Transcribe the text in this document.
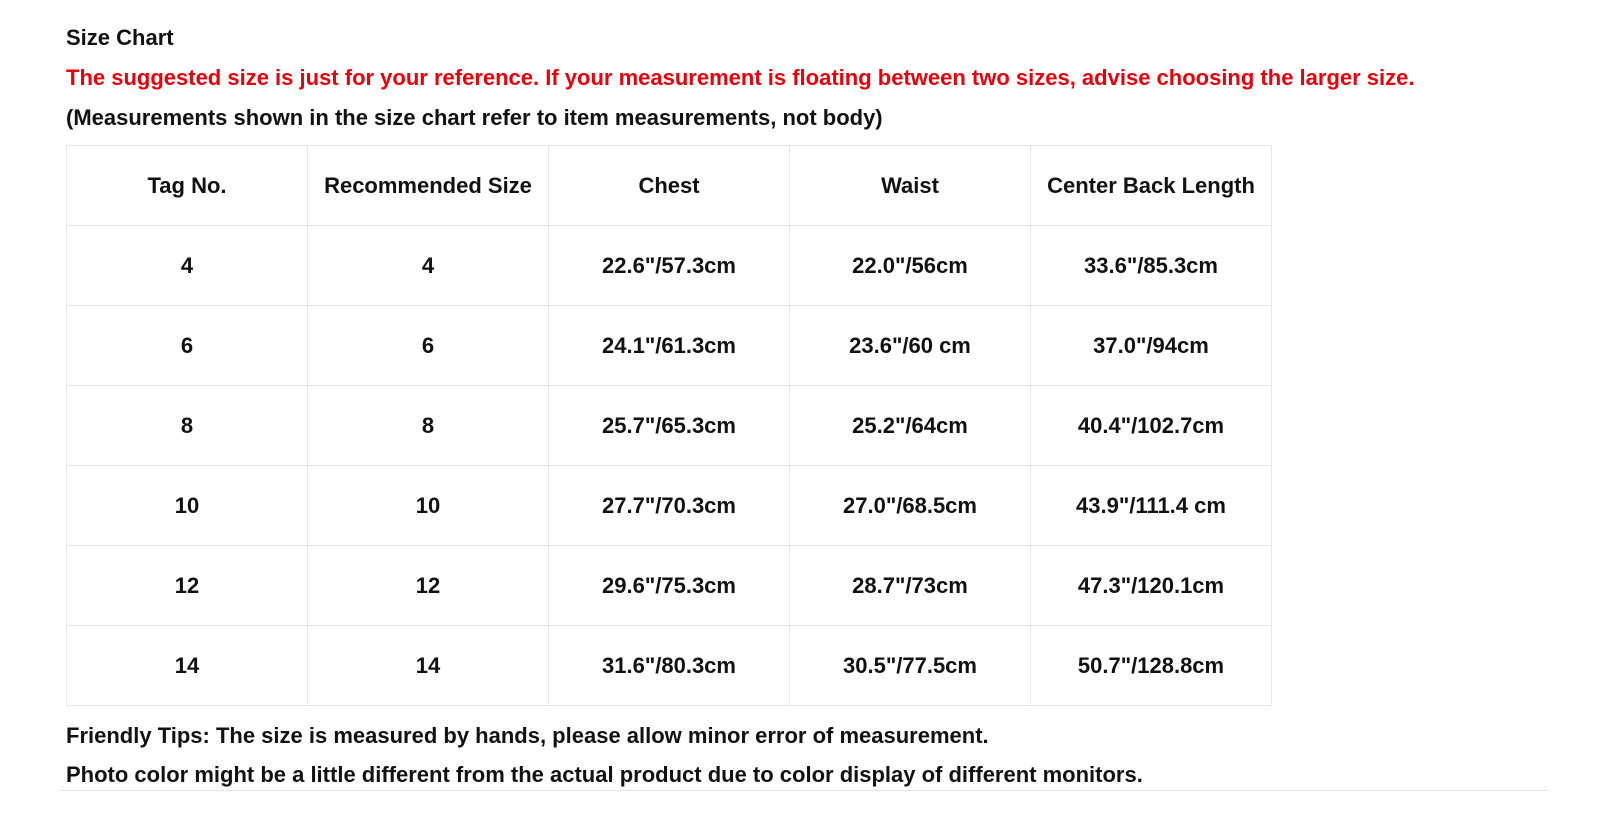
Size Chart
The suggested size is just for your reference. If your measurement is floating between two sizes, advise choosing the larger size.
(Measurements shown in the size chart refer to item measurements, not body)
Tag No.	Recommended Size	Chest	Waist	Center Back Length
4	4	22.6"/57.3cm	22.0"/56cm	33.6"/85.3cm
6	6	24.1"/61.3cm	23.6"/60 cm	37.0"/94cm
8	8	25.7"/65.3cm	25.2"/64cm	40.4"/102.7cm
10	10	27.7"/70.3cm	27.0"/68.5cm	43.9"/111.4 cm
12	12	29.6"/75.3cm	28.7"/73cm	47.3"/120.1cm
14	14	31.6"/80.3cm	30.5"/77.5cm	50.7"/128.8cm
Friendly Tips: The size is measured by hands, please allow minor error of measurement.
Photo color might be a little different from the actual product due to color display of different monitors.
